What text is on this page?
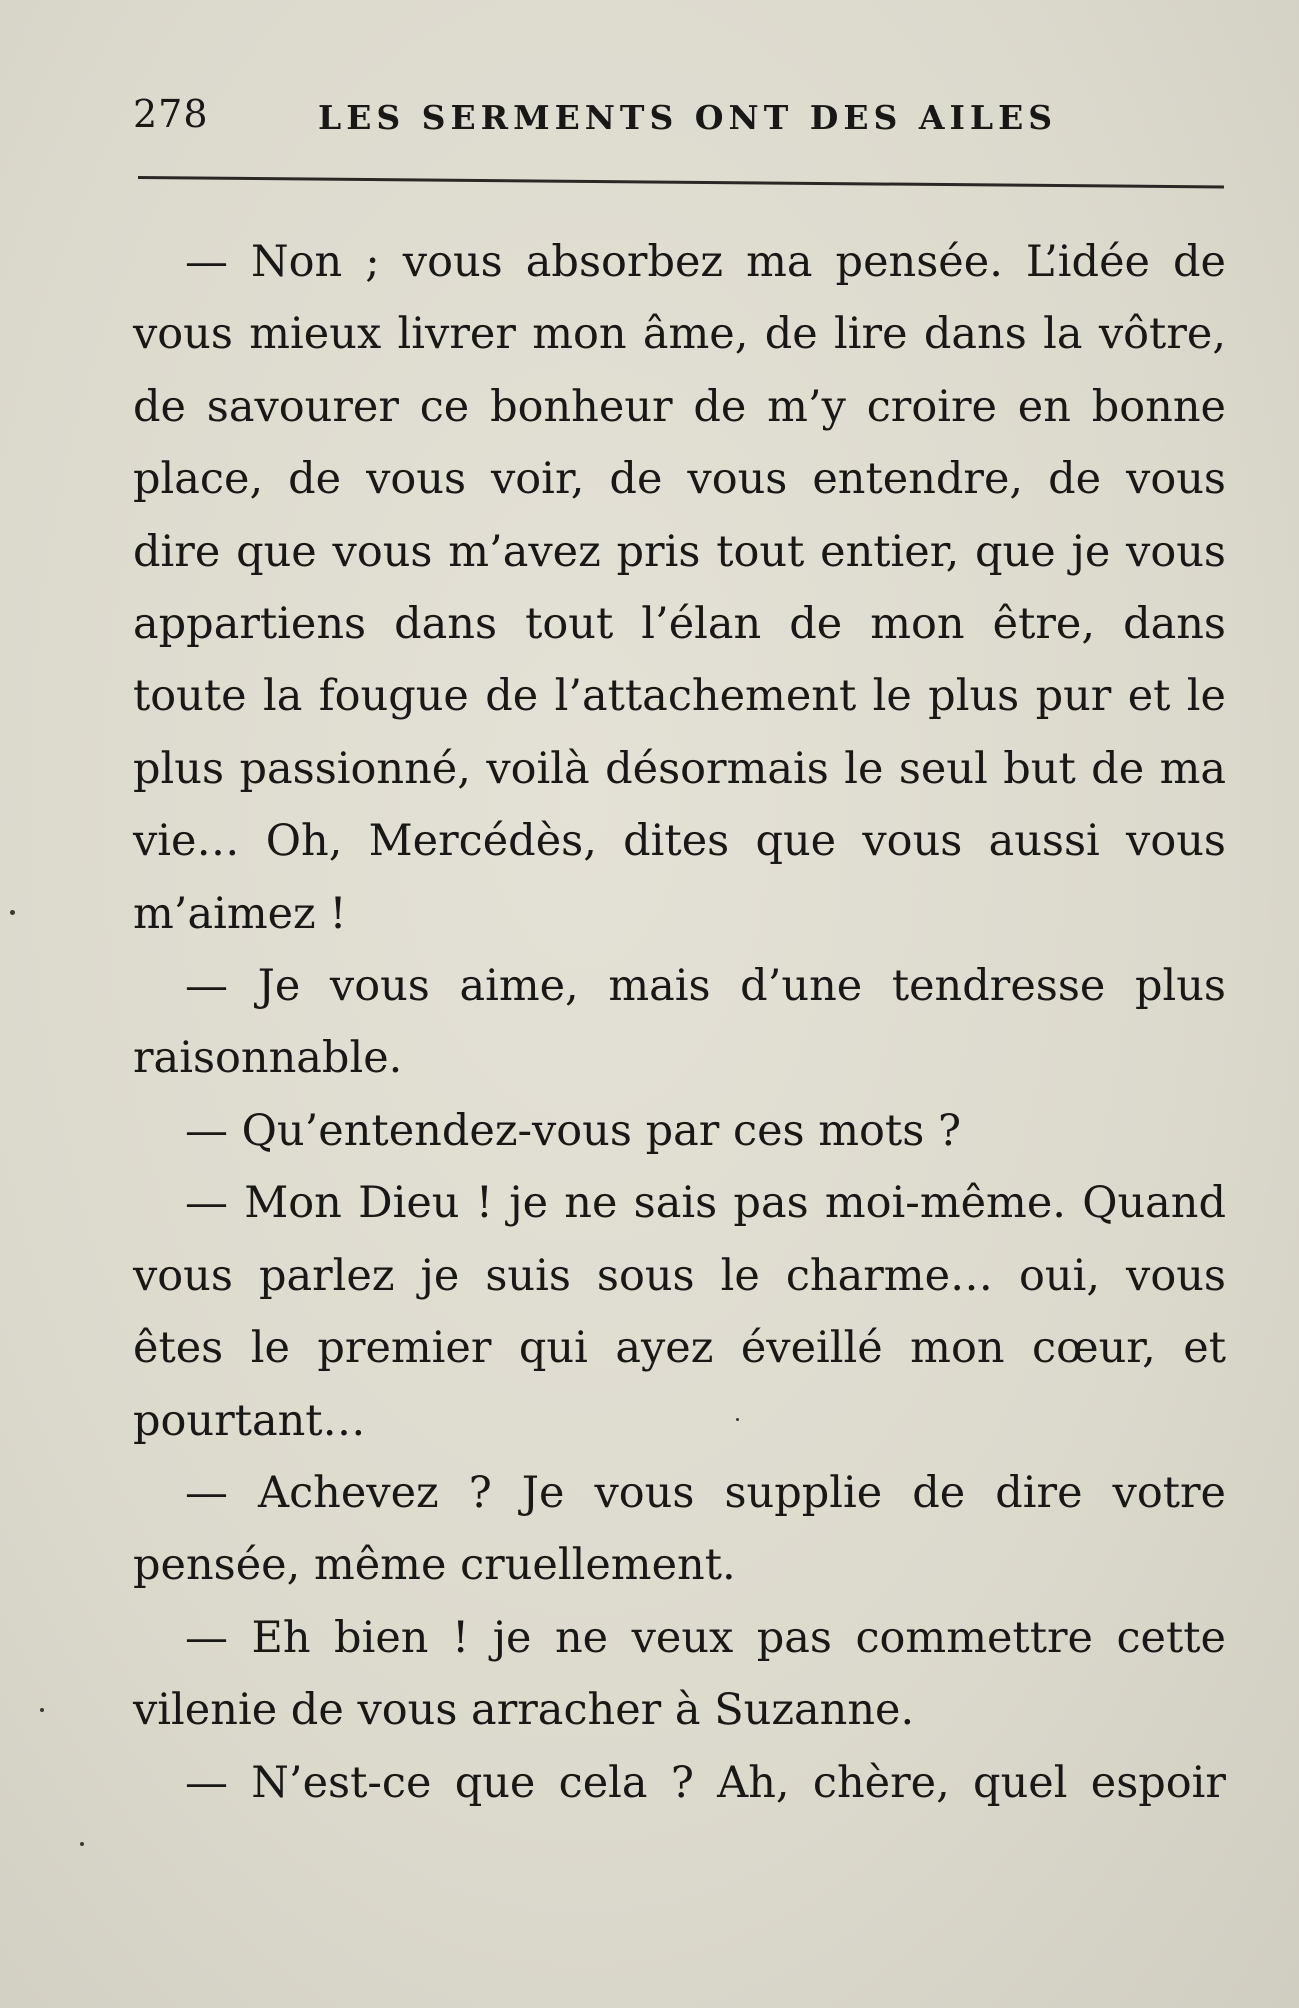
278	LES SERMENTS ONT DES AILES

— Non ; vous absorbez ma pensée. L’idée de vous mieux livrer mon âme, de lire dans la vôtre, de savourer ce bonheur de m’y croire en bonne place, de vous voir, de vous entendre, de vous dire que vous m’avez pris tout entier, que je vous appartiens dans tout l’élan de mon être, dans toute la fougue de l’attachement le plus pur et le plus passionné, voilà désormais le seul but de ma vie… Oh, Mercédès, dites que vous aussi vous m’aimez !

— Je vous aime, mais d’une tendresse plus raisonnable.

— Qu’entendez-vous par ces mots ?

— Mon Dieu ! je ne sais pas moi-même. Quand vous parlez je suis sous le charme… oui, vous êtes le premier qui ayez éveillé mon cœur, et pourtant…

— Achevez ? Je vous supplie de dire votre pensée, même cruellement.

— Eh bien ! je ne veux pas commettre cette vilenie de vous arracher à Suzanne.

— N’est-ce que cela ? Ah, chère, quel espoir
